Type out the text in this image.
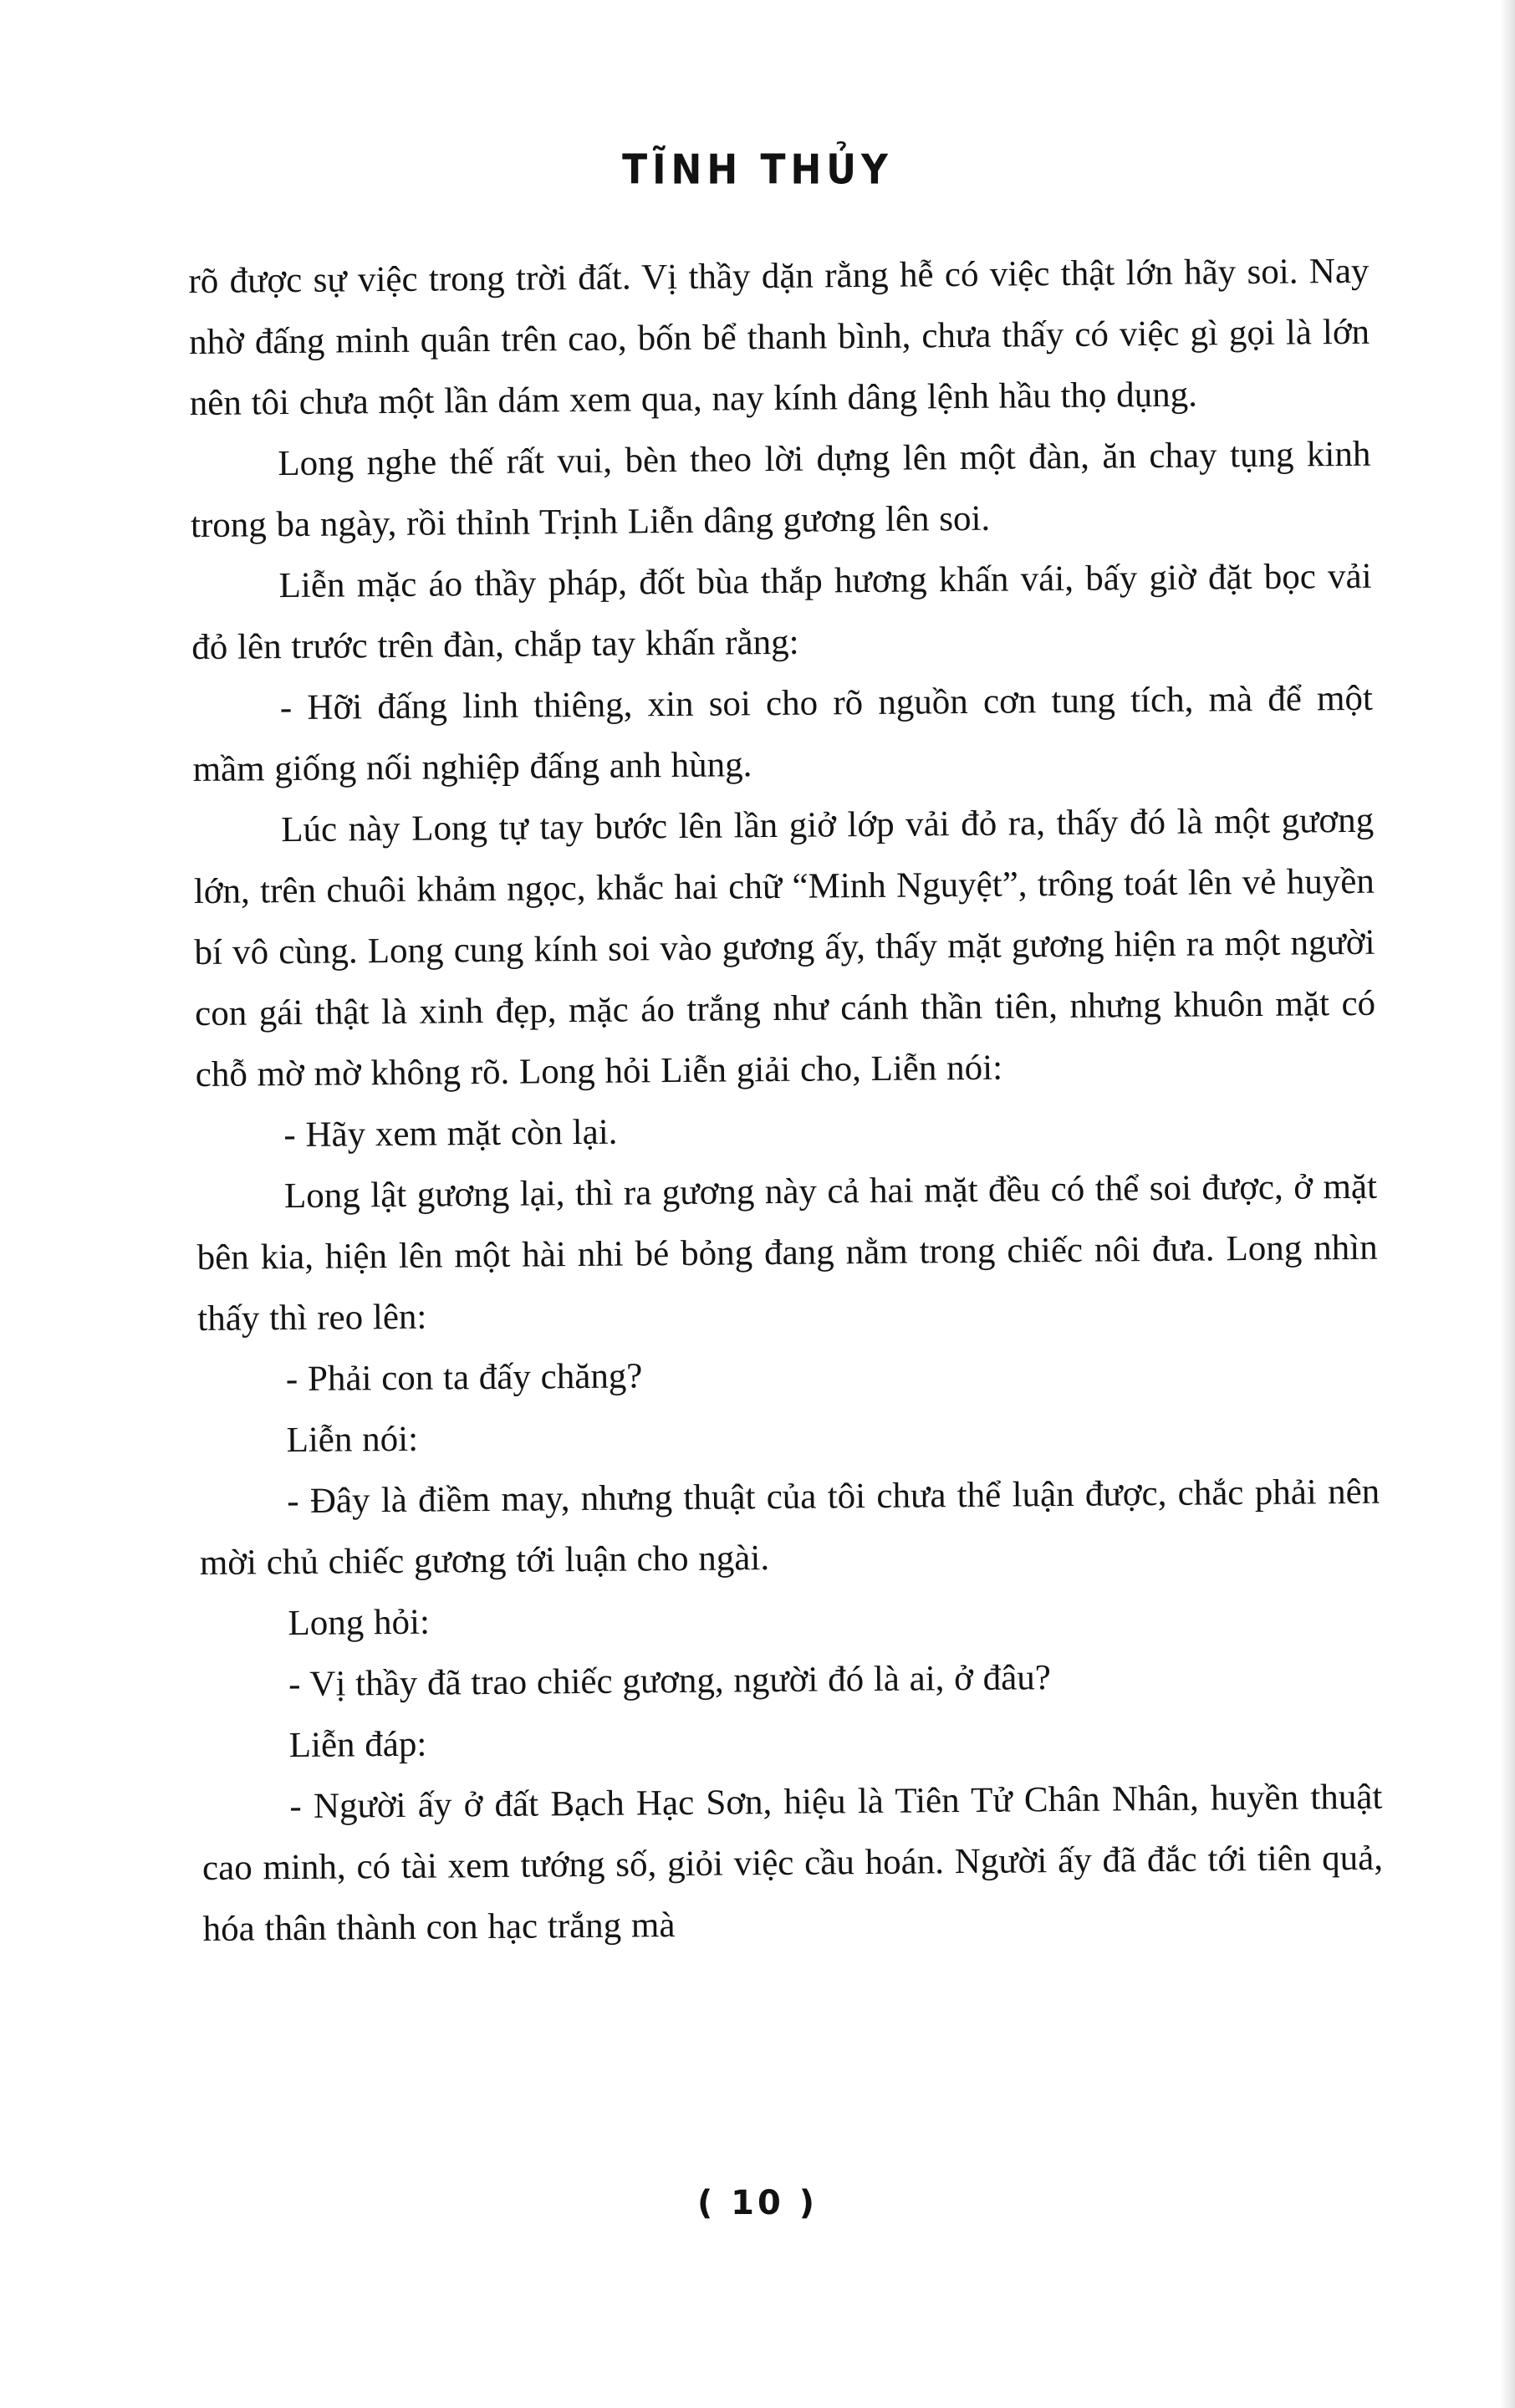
TĨNH THỦY

rõ được sự việc trong trời đất. Vị thầy dặn rằng hễ có việc thật lớn hãy soi. Nay nhờ đấng minh quân trên cao, bốn bể thanh bình, chưa thấy có việc gì gọi là lớn nên tôi chưa một lần dám xem qua, nay kính dâng lệnh hầu thọ dụng.

Long nghe thế rất vui, bèn theo lời dựng lên một đàn, ăn chay tụng kinh trong ba ngày, rồi thỉnh Trịnh Liễn dâng gương lên soi.

Liễn mặc áo thầy pháp, đốt bùa thắp hương khấn vái, bấy giờ đặt bọc vải đỏ lên trước trên đàn, chắp tay khấn rằng:

- Hỡi đấng linh thiêng, xin soi cho rõ nguồn cơn tung tích, mà để một mầm giống nối nghiệp đấng anh hùng.

Lúc này Long tự tay bước lên lần giở lớp vải đỏ ra, thấy đó là một gương lớn, trên chuôi khảm ngọc, khắc hai chữ “Minh Nguyệt”, trông toát lên vẻ huyền bí vô cùng. Long cung kính soi vào gương ấy, thấy mặt gương hiện ra một người con gái thật là xinh đẹp, mặc áo trắng như cánh thần tiên, nhưng khuôn mặt có chỗ mờ mờ không rõ. Long hỏi Liễn giải cho, Liễn nói:

- Hãy xem mặt còn lại.

Long lật gương lại, thì ra gương này cả hai mặt đều có thể soi được, ở mặt bên kia, hiện lên một hài nhi bé bỏng đang nằm trong chiếc nôi đưa. Long nhìn thấy thì reo lên:

- Phải con ta đấy chăng?

Liễn nói:

- Đây là điềm may, nhưng thuật của tôi chưa thể luận được, chắc phải nên mời chủ chiếc gương tới luận cho ngài.

Long hỏi:

- Vị thầy đã trao chiếc gương, người đó là ai, ở đâu?

Liễn đáp:

- Người ấy ở đất Bạch Hạc Sơn, hiệu là Tiên Tử Chân Nhân, huyền thuật cao minh, có tài xem tướng số, giỏi việc cầu hoán. Người ấy đã đắc tới tiên quả, hóa thân thành con hạc trắng mà

( 10 )
